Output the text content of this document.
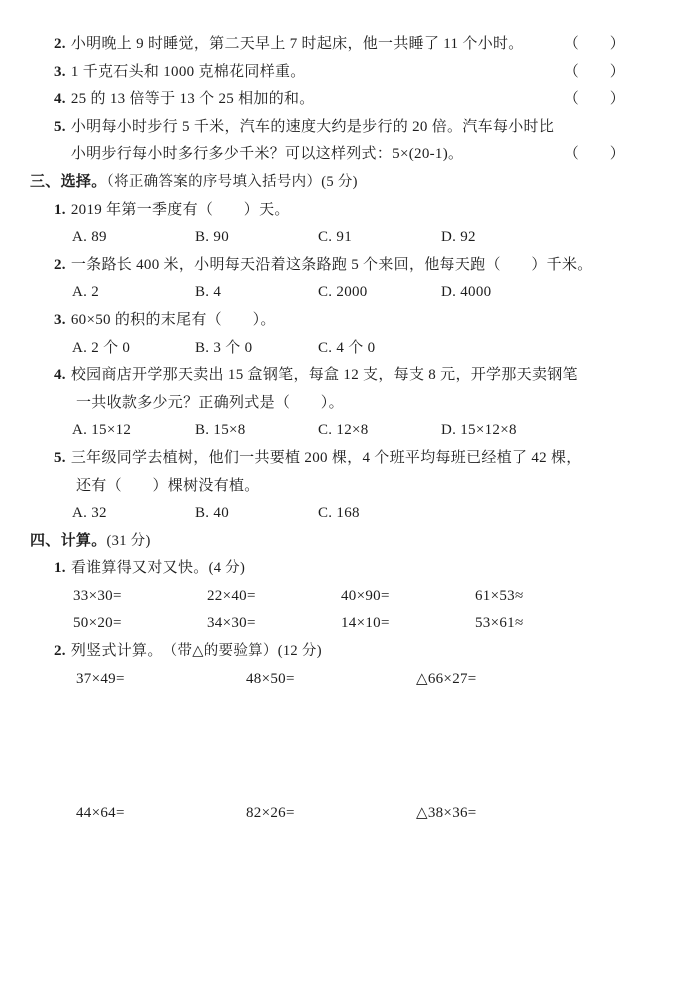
2. 小明晚上 9 时睡觉，第二天早上 7 时起床，他一共睡了 11 个小时。	（　　）
3. 1 千克石头和 1000 克棉花同样重。	（　　）
4. 25 的 13 倍等于 13 个 25 相加的和。	（　　）
5. 小明每小时步行 5 千米，汽车的速度大约是步行的 20 倍。汽车每小时比
小明步行每小时多行多少千米？可以这样列式：5×(20-1)。	（　　）
三、选择。（将正确答案的序号填入括号内）(5 分)
1. 2019 年第一季度有（　　）天。
A. 89	B. 90	C. 91	D. 92
2. 一条路长 400 米，小明每天沿着这条路跑 5 个来回，他每天跑（　　）千米。
A. 2	B. 4	C. 2000	D. 4000
3. 60×50 的积的末尾有（　　）。
A. 2 个 0	B. 3 个 0	C. 4 个 0
4. 校园商店开学那天卖出 15 盒钢笔，每盒 12 支，每支 8 元，开学那天卖钢笔
一共收款多少元？正确列式是（　　）。
A. 15×12	B. 15×8	C. 12×8	D. 15×12×8
5. 三年级同学去植树，他们一共要植 200 棵，4 个班平均每班已经植了 42 棵，
还有（　　）棵树没有植。
A. 32	B. 40	C. 168
四、计算。(31 分)
1. 看谁算得又对又快。 (4 分)
33×30=	22×40=	40×90=	61×53≈
50×20=	34×30=	14×10=	53×61≈
2. 列竖式计算。 （带△的要验算） (12 分)
37×49=	48×50=	△66×27=
44×64=	82×26=	△38×36=
